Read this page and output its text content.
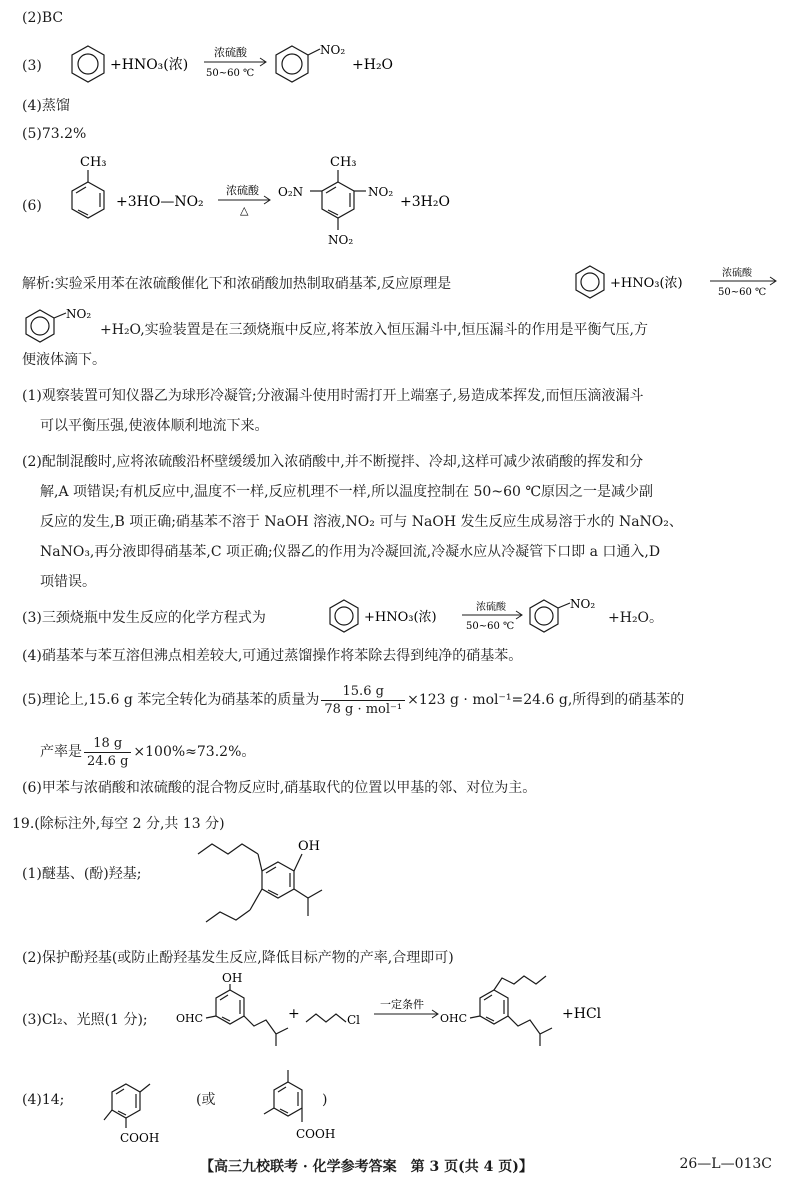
(2)BC
(3)	+HNO₃(浓)
浓硫酸
50~60 ℃
NO₂
+H₂O
(4)蒸馏
(5)73.2%
(6)
CH₃
+3HO—NO₂
浓硫酸
△
CH₃
O₂N	NO₂
NO₂
+3H₂O
解析:实验采用苯在浓硫酸催化下和浓硝酸加热制取硝基苯,反应原理是	+HNO₃(浓)
浓硫酸
50~60 ℃
NO₂
+H₂O,实验装置是在三颈烧瓶中反应,将苯放入恒压漏斗中,恒压漏斗的作用是平衡气压,方
便液体滴下。
(1)观察装置可知仪器乙为球形冷凝管;分液漏斗使用时需打开上端塞子,易造成苯挥发,而恒压滴液漏斗
可以平衡压强,使液体顺利地流下来。
(2)配制混酸时,应将浓硫酸沿杯壁缓缓加入浓硝酸中,并不断搅拌、冷却,这样可减少浓硝酸的挥发和分
解,A 项错误;有机反应中,温度不一样,反应机理不一样,所以温度控制在 50~60 ℃原因之一是减少副
反应的发生,B 项正确;硝基苯不溶于 NaOH 溶液,NO₂ 可与 NaOH 发生反应生成易溶于水的 NaNO₂、
NaNO₃,再分液即得硝基苯,C 项正确;仪器乙的作用为冷凝回流,冷凝水应从冷凝管下口即 a 口通入,D
项错误。
(3)三颈烧瓶中发生反应的化学方程式为	+HNO₃(浓)
浓硫酸
50~60 ℃
NO₂
+H₂O。
(4)硝基苯与苯互溶但沸点相差较大,可通过蒸馏操作将苯除去得到纯净的硝基苯。
(5)理论上,15.6 g 苯完全转化为硝基苯的质量为 $\frac{15.6 g}{\text{78 g · mol⁻¹}} \times 123$ g · mol⁻¹=24.6 g,所得到的硝基苯的
产率是 $\frac{18 g}{24.6 g} \times 100\%\approx 73.2\%$。
(6)甲苯与浓硝酸和浓硫酸的混合物反应时,硝基取代的位置以甲基的邻、对位为主。
19.(除标注外,每空 2 分,共 13 分)
(1)醚基、(酚)羟基;
OH
(2)保护酚羟基(或防止酚羟基发生反应,降低目标产物的产率,合理即可)
(3)Cl₂、光照(1 分);
OH
OHC	+	Cl
一定条件
OHC	+HCl
(4)14;
COOH
(或
COOH
)
【高三九校联考 · 化学参考答案　第 3 页(共 4 页)】	26—L—013C
